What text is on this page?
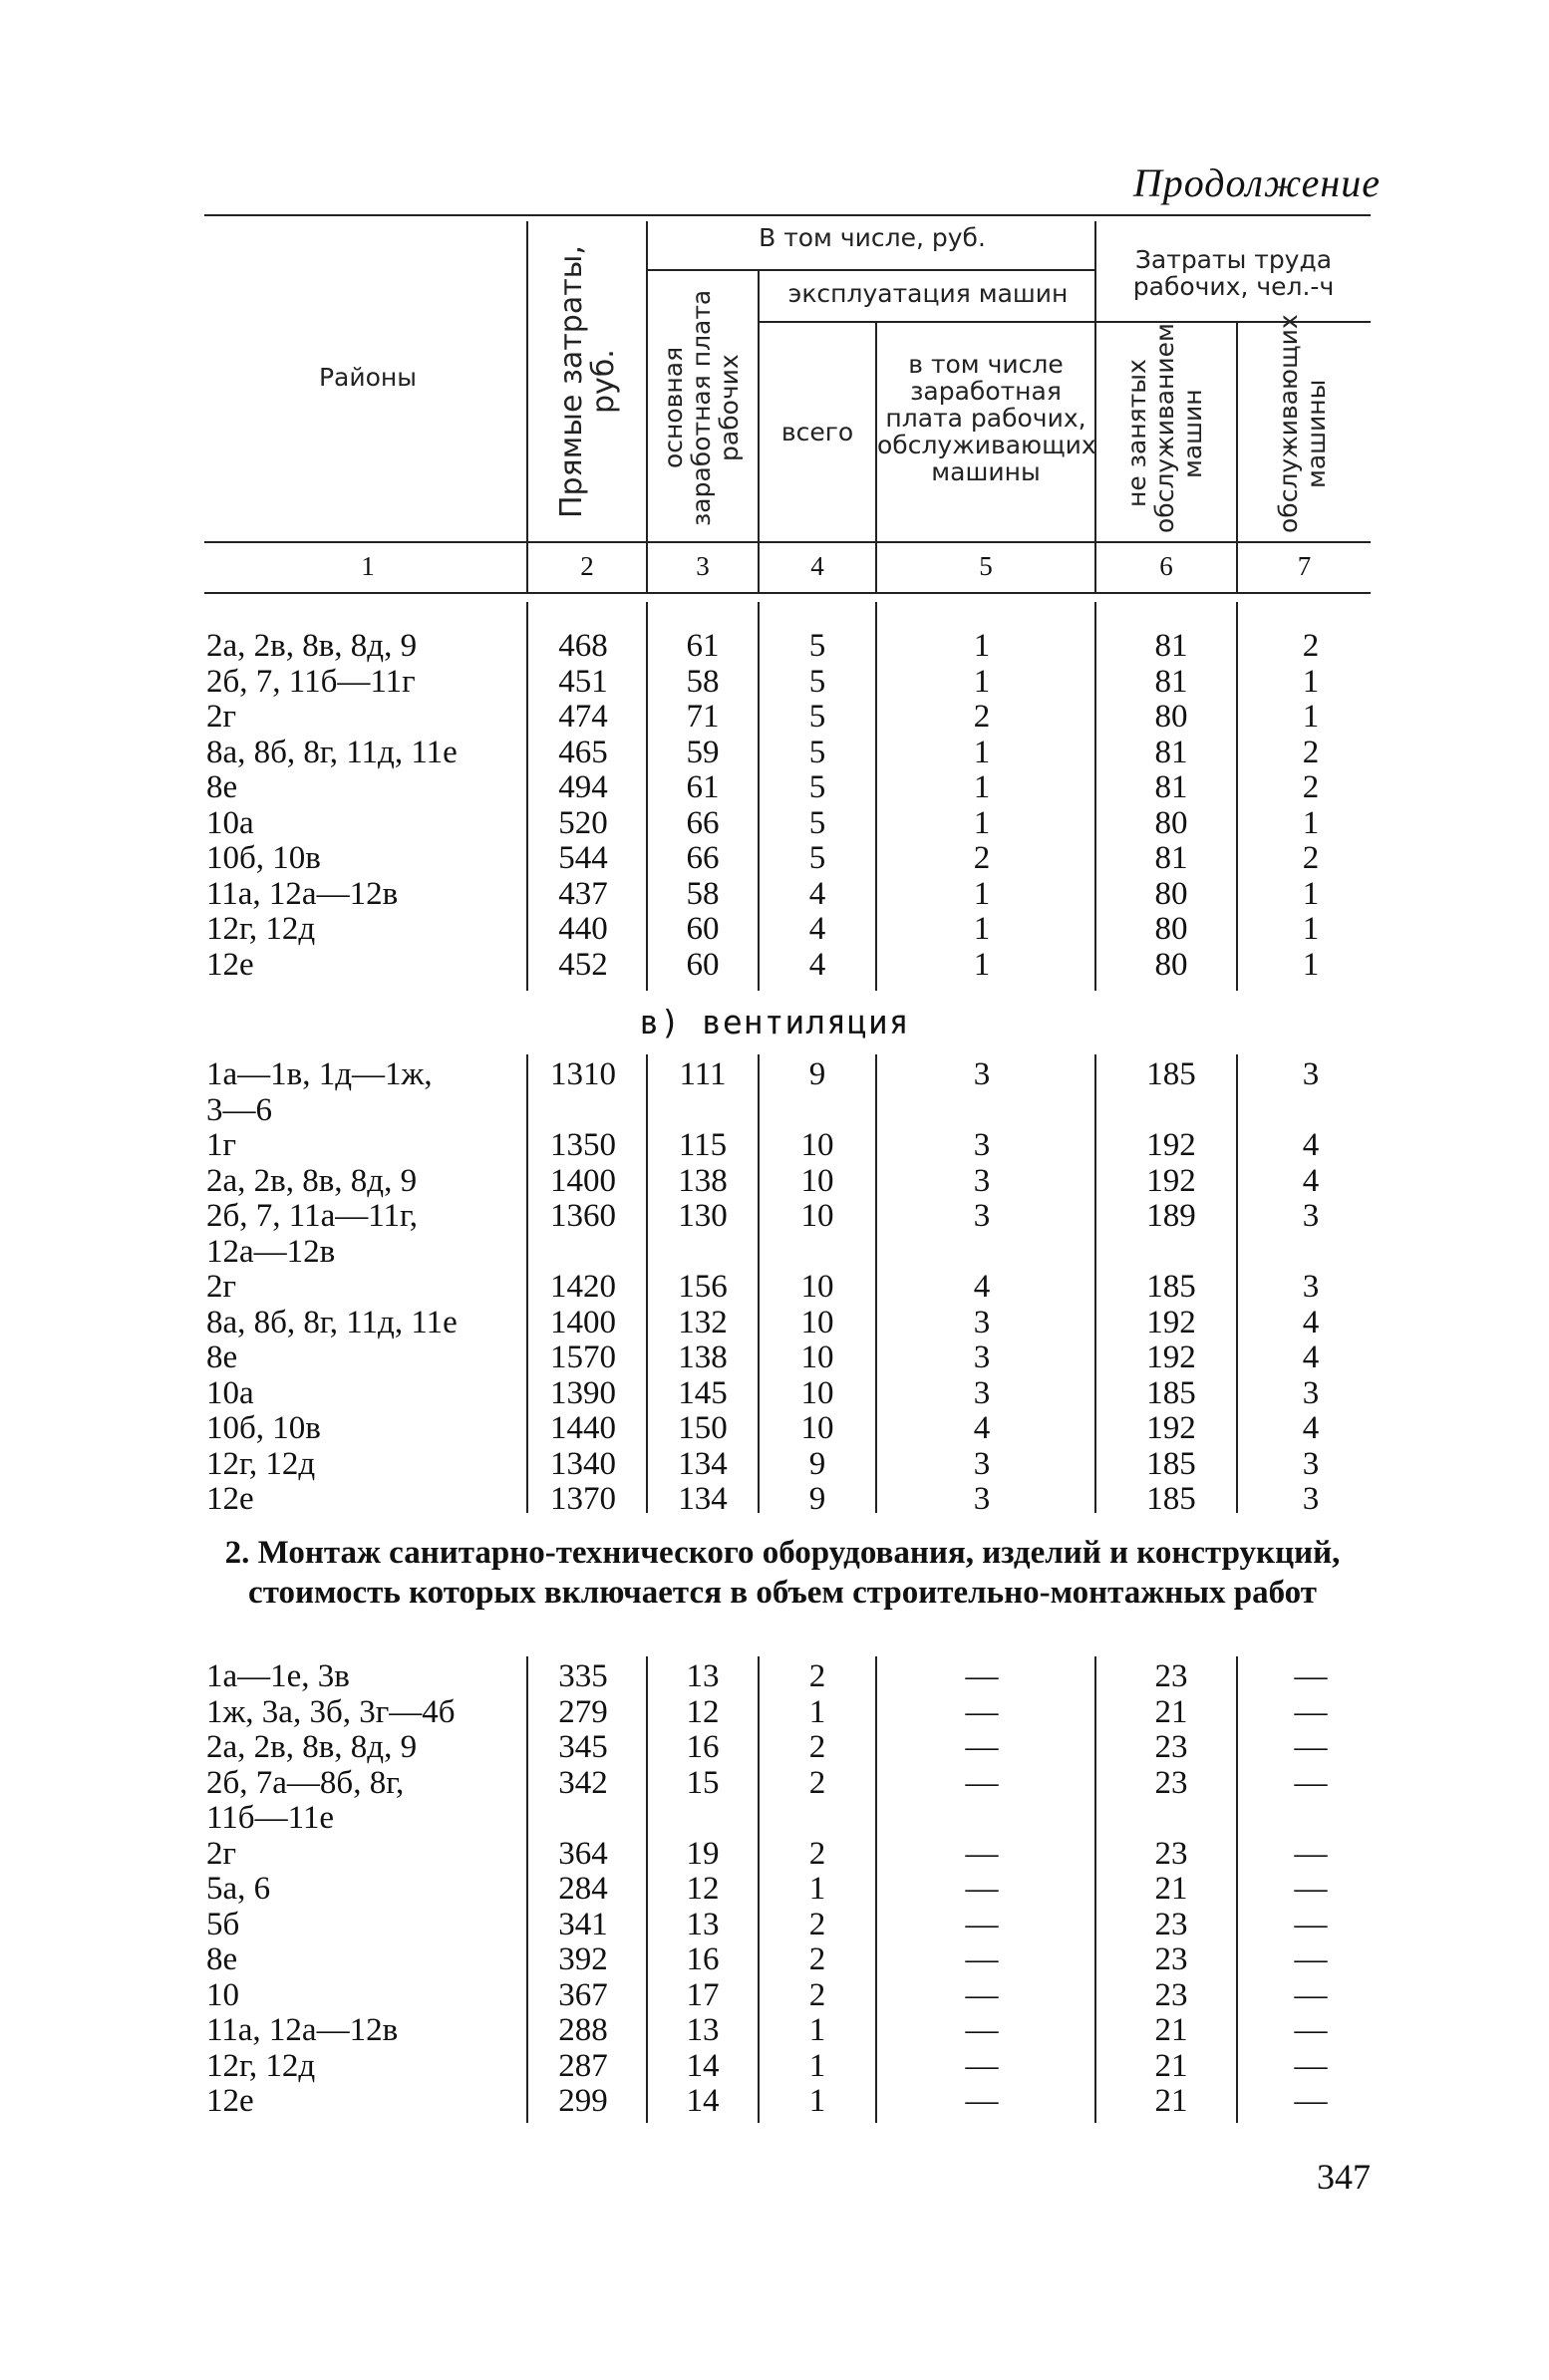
Продолжение
Районы	Прямые затраты, руб.
В том числе, руб.
основная заработная плата рабочих
эксплуатация машин
всего
в том числе заработная плата рабочих, обслуживающих машины
Затраты труда рабочих, чел.-ч
не занятых обслуживанием машин	обслуживающих машины
1	2	3	4	5	6	7
2а, 2в, 8в, 8д, 9	468	61	5	1	81	2
2б, 7, 11б—11г	451	58	5	1	81	1
2г	474	71	5	2	80	1
8а, 8б, 8г, 11д, 11е	465	59	5	1	81	2
8е	494	61	5	1	81	2
10а	520	66	5	1	80	1
10б, 10в	544	66	5	2	81	2
11а, 12а—12в	437	58	4	1	80	1
12г, 12д	440	60	4	1	80	1
12е	452	60	4	1	80	1
в) вентиляция
1а—1в, 1д—1ж,	1310	111	9	3	185	3
3—6
1г	1350	115	10	3	192	4
2а, 2в, 8в, 8д, 9	1400	138	10	3	192	4
2б, 7, 11а—11г,	1360	130	10	3	189	3
12а—12в
2г	1420	156	10	4	185	3
8а, 8б, 8г, 11д, 11е	1400	132	10	3	192	4
8е	1570	138	10	3	192	4
10а	1390	145	10	3	185	3
10б, 10в	1440	150	10	4	192	4
12г, 12д	1340	134	9	3	185	3
12е	1370	134	9	3	185	3
2. Монтаж санитарно-технического оборудования, изделий и конструкций, стоимость которых включается в объем строительно-монтажных работ
1а—1е, 3в	335	13	2	—	23	—
1ж, 3а, 3б, 3г—4б	279	12	1	—	21	—
2а, 2в, 8в, 8д, 9	345	16	2	—	23	—
2б, 7а—8б, 8г,	342	15	2	—	23	—
11б—11е
2г	364	19	2	—	23	—
5а, 6	284	12	1	—	21	—
5б	341	13	2	—	23	—
8е	392	16	2	—	23	—
10	367	17	2	—	23	—
11а, 12а—12в	288	13	1	—	21	—
12г, 12д	287	14	1	—	21	—
12е	299	14	1	—	21	—
347
